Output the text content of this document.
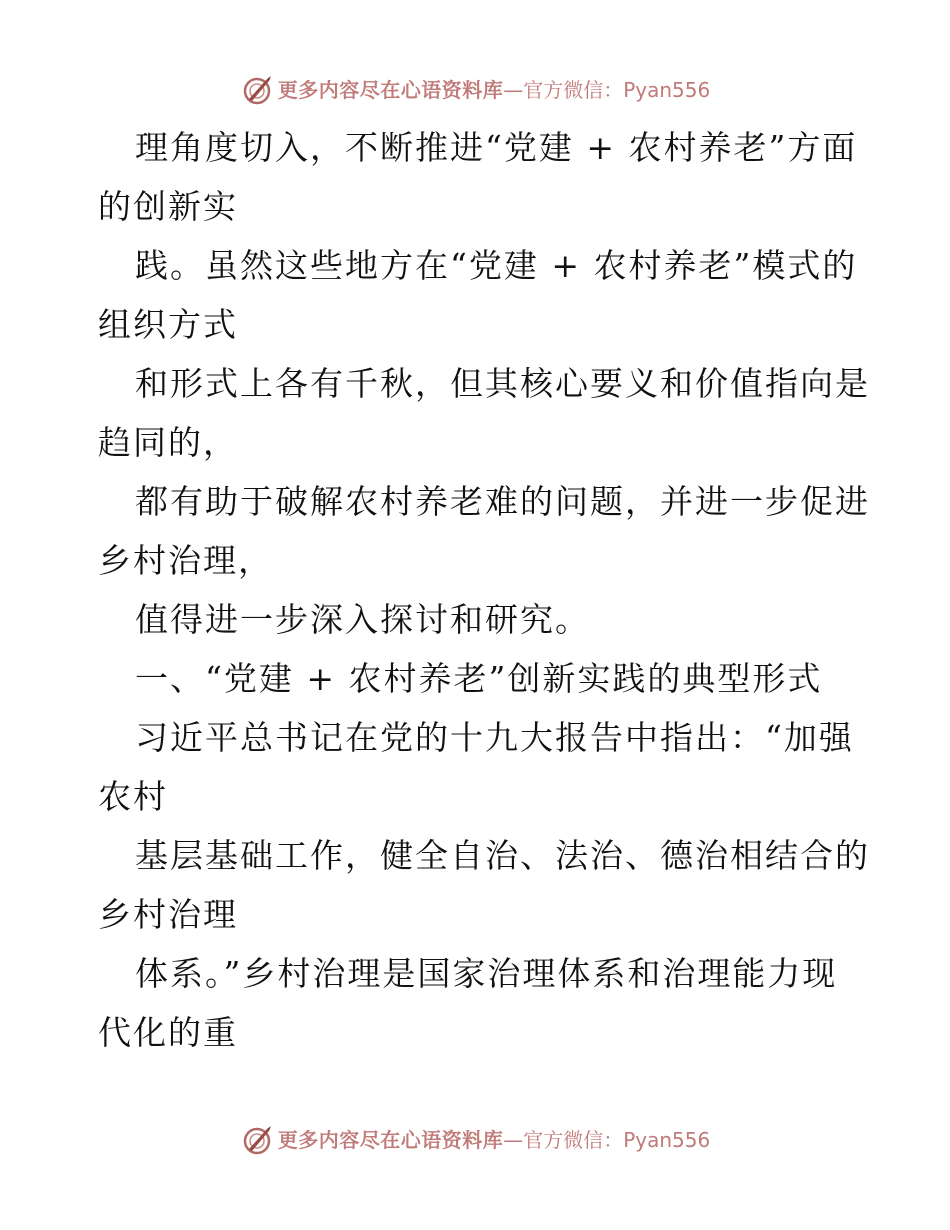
更多内容尽在心语资料库—官方微信：Pyan556

理角度切入，不断推进“党建 + 农村养老”方面
的创新实

践。虽然这些地方在“党建 + 农村养老”模式的
组织方式

和形式上各有千秋，但其核心要义和价值指向是
趋同的，

都有助于破解农村养老难的问题，并进一步促进
乡村治理，

值得进一步深入探讨和研究。

一、“党建 + 农村养老”创新实践的典型形式

习近平总书记在党的十九大报告中指出：“加强
农村

基层基础工作，健全自治、法治、德治相结合的
乡村治理

体系。”乡村治理是国家治理体系和治理能力现
代化的重

更多内容尽在心语资料库—官方微信：Pyan556
